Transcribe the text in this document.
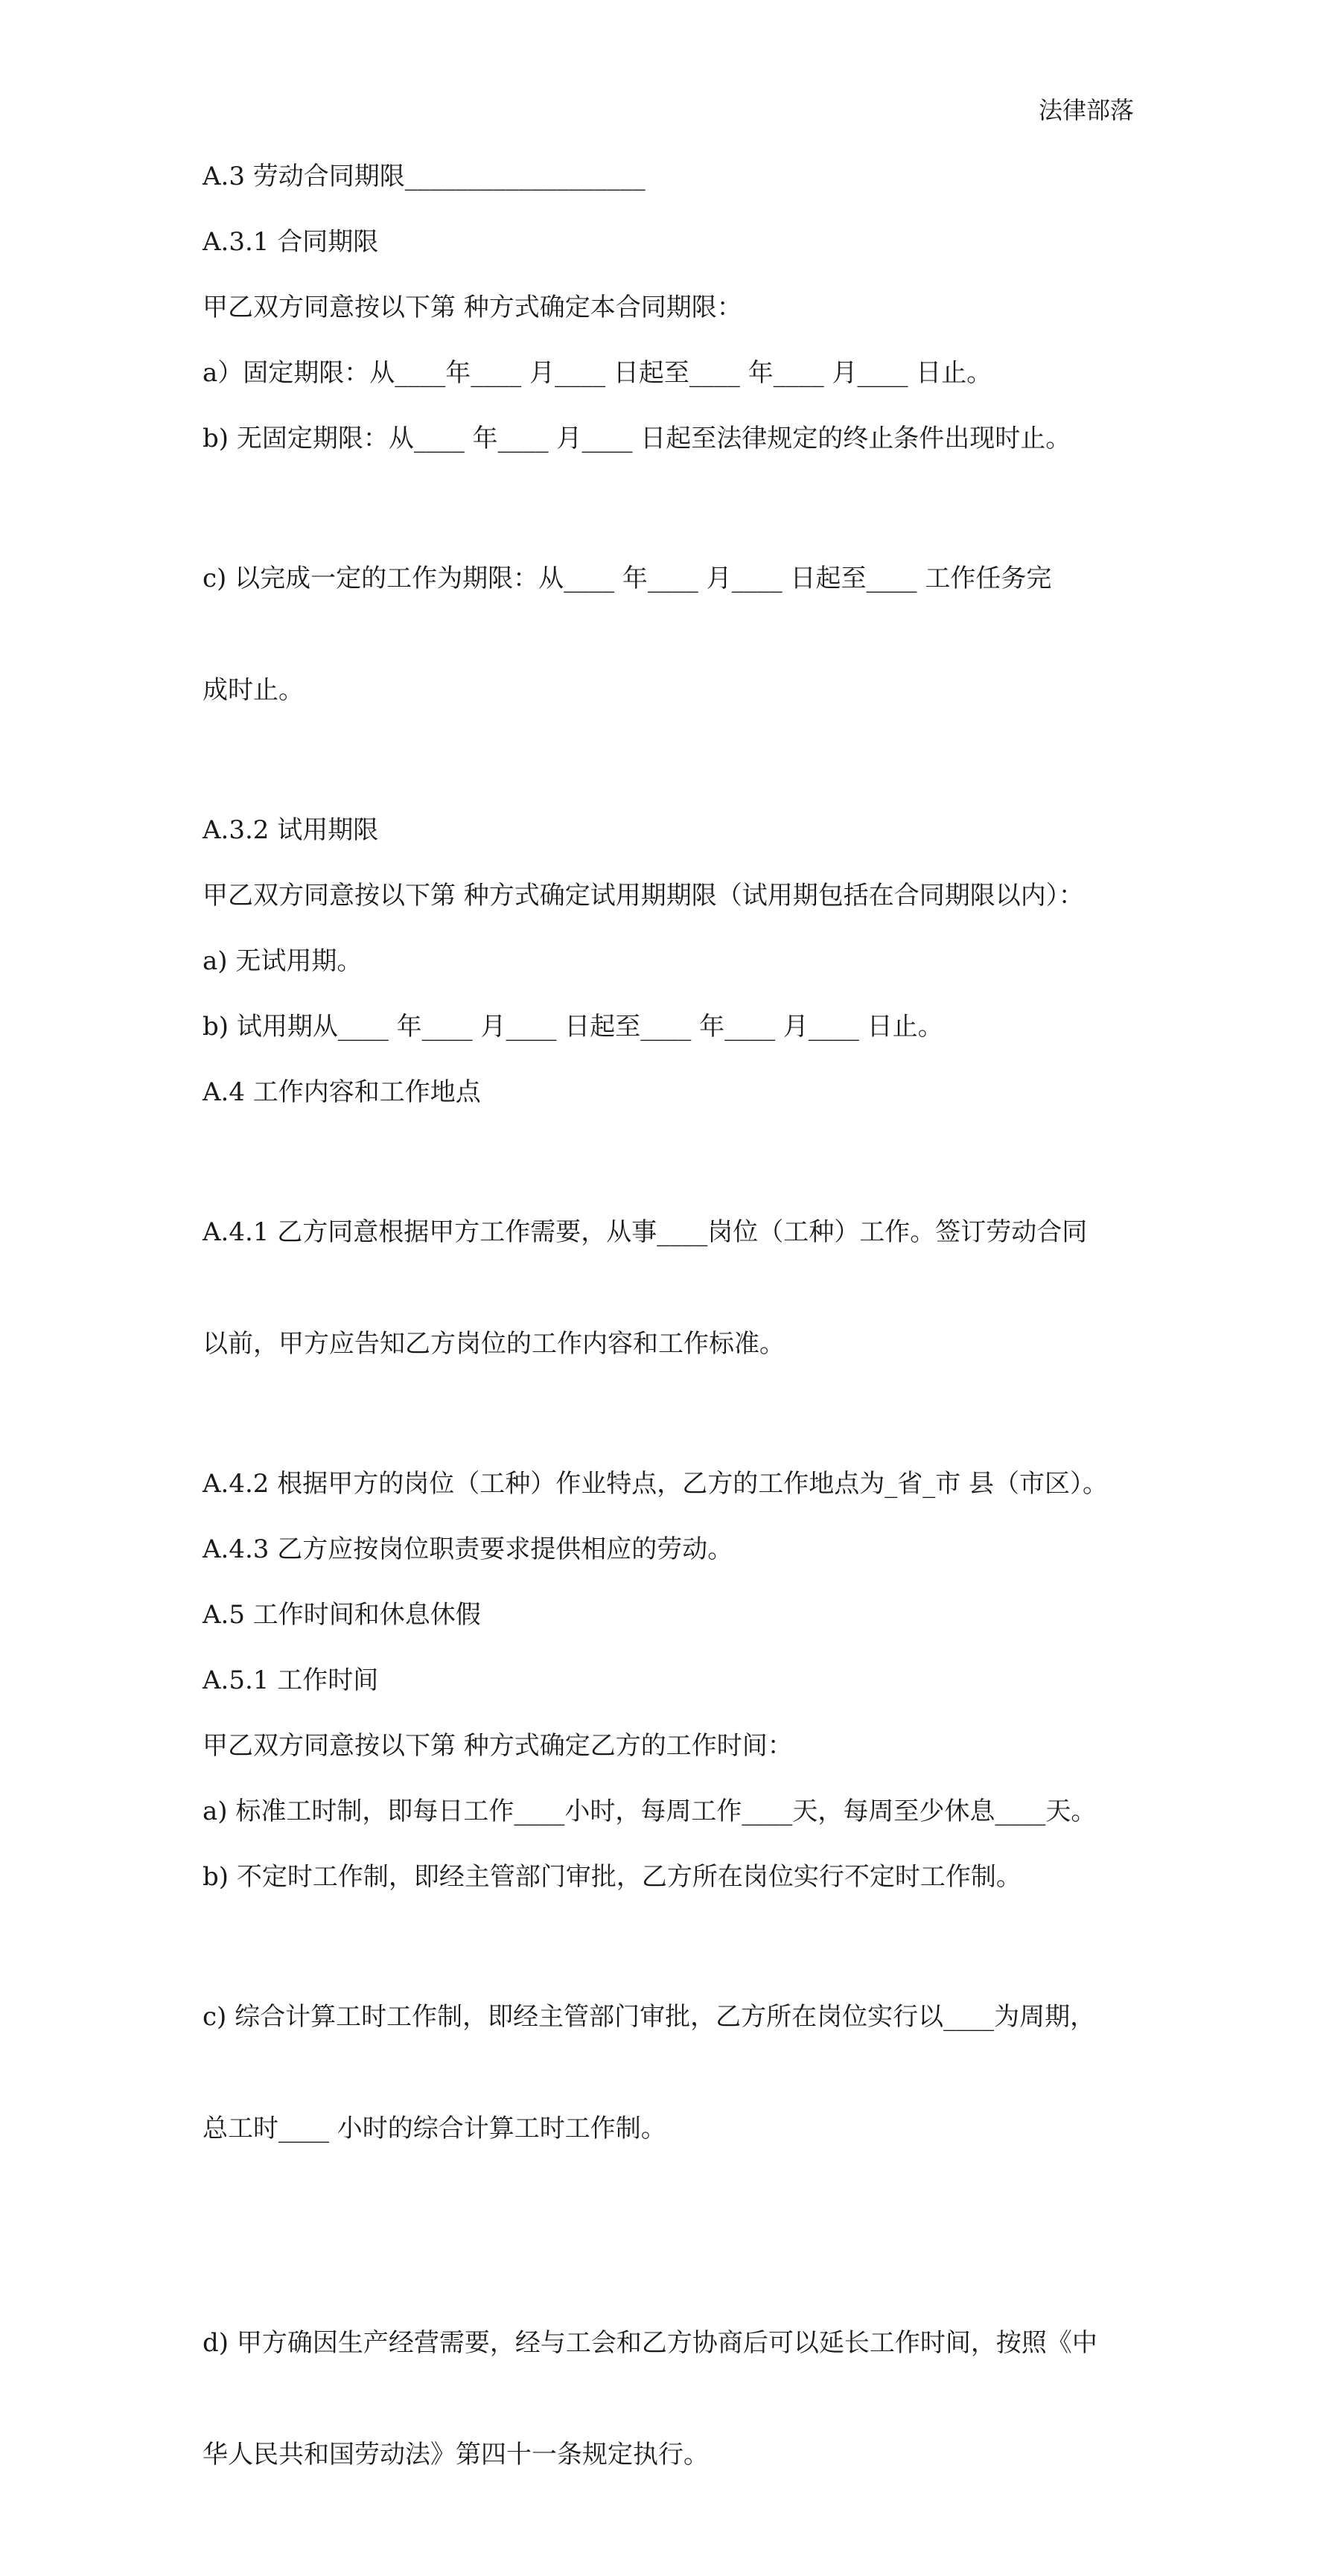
法律部落

A.3 劳动合同期限___________________

A.3.1 合同期限

甲乙双方同意按以下第 种方式确定本合同期限：

a）固定期限：从____年____ 月____ 日起至____ 年____ 月____ 日止。

b) 无固定期限：从____ 年____ 月____ 日起至法律规定的终止条件出现时止。

c) 以完成一定的工作为期限：从____ 年____ 月____ 日起至____ 工作任务完

成时止。

A.3.2 试用期限

甲乙双方同意按以下第 种方式确定试用期期限（试用期包括在合同期限以内）：

a) 无试用期。

b) 试用期从____ 年____ 月____ 日起至____ 年____ 月____ 日止。

A.4 工作内容和工作地点

A.4.1 乙方同意根据甲方工作需要，从事____岗位（工种）工作。签订劳动合同

以前，甲方应告知乙方岗位的工作内容和工作标准。

A.4.2 根据甲方的岗位（工种）作业特点，乙方的工作地点为_省_市 县（市区）。

A.4.3 乙方应按岗位职责要求提供相应的劳动。

A.5 工作时间和休息休假

A.5.1 工作时间

甲乙双方同意按以下第 种方式确定乙方的工作时间：

a) 标准工时制，即每日工作____小时，每周工作____天，每周至少休息____天。

b) 不定时工作制，即经主管部门审批，乙方所在岗位实行不定时工作制。

c) 综合计算工时工作制，即经主管部门审批，乙方所在岗位实行以____为周期，

总工时____ 小时的综合计算工时工作制。

d) 甲方确因生产经营需要，经与工会和乙方协商后可以延长工作时间，按照《中

华人民共和国劳动法》第四十一条规定执行。
